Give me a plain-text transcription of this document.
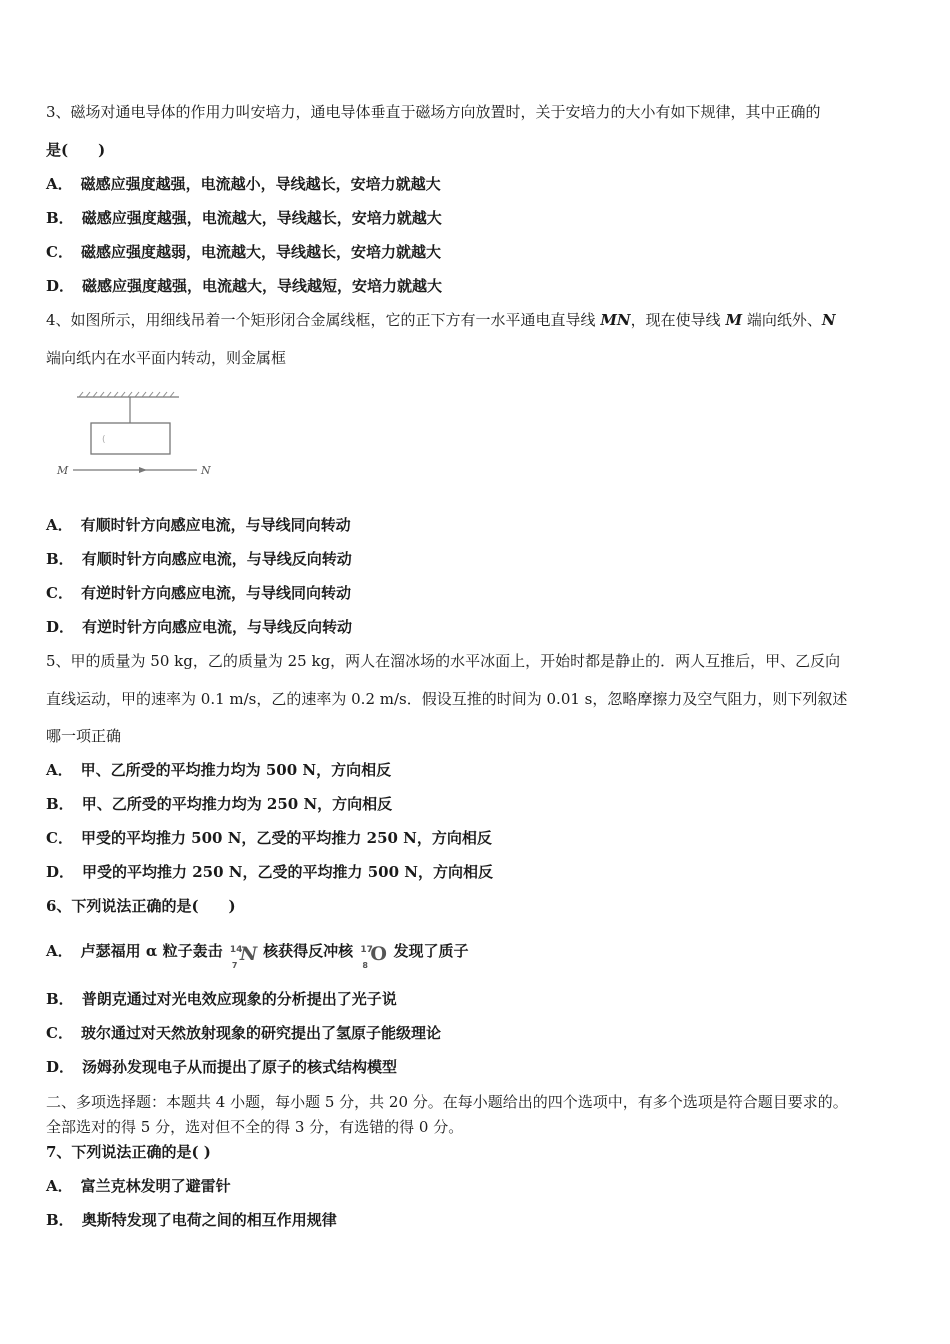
3、磁场对通电导体的作用力叫安培力，通电导体垂直于磁场方向放置时，关于安培力的大小有如下规律，其中正确的
是(　　)
A． 磁感应强度越强，电流越小，导线越长，安培力就越大
B． 磁感应强度越强，电流越大，导线越长，安培力就越大
C． 磁感应强度越弱，电流越大，导线越长，安培力就越大
D． 磁感应强度越强，电流越大，导线越短，安培力就越大
4、如图所示，用细线吊着一个矩形闭合金属线框，它的正下方有一水平通电直导线 MN，现在使导线 M 端向纸外、N
端向纸内在水平面内转动，则金属框
(
M	N
A． 有顺时针方向感应电流，与导线同向转动
B． 有顺时针方向感应电流，与导线反向转动
C． 有逆时针方向感应电流，与导线同向转动
D． 有逆时针方向感应电流，与导线反向转动
5、甲的质量为 50 kg，乙的质量为 25 kg，两人在溜冰场的水平冰面上，开始时都是静止的．两人互推后，甲、乙反向
直线运动，甲的速率为 0.1 m/s，乙的速率为 0.2 m/s．假设互推的时间为 0.01 s，忽略摩擦力及空气阻力，则下列叙述
哪一项正确
A． 甲、乙所受的平均推力均为 500 N，方向相反
B． 甲、乙所受的平均推力均为 250 N，方向相反
C． 甲受的平均推力 500 N，乙受的平均推力 250 N，方向相反
D． 甲受的平均推力 250 N，乙受的平均推力 500 N，方向相反
6、下列说法正确的是(　　)
A． 卢瑟福用 α 粒子轰击 14
7
N 核获得反冲核 17
8
O 发现了质子
B． 普朗克通过对光电效应现象的分析提出了光子说
C． 玻尔通过对天然放射现象的研究提出了氢原子能级理论
D． 汤姆孙发现电子从而提出了原子的核式结构模型
二、多项选择题：本题共 4 小题，每小题 5 分，共 20 分。在每小题给出的四个选项中，有多个选项是符合题目要求的。
全部选对的得 5 分，选对但不全的得 3 分，有选错的得 0 分。
7、下列说法正确的是( )
A． 富兰克林发明了避雷针
B． 奥斯特发现了电荷之间的相互作用规律
